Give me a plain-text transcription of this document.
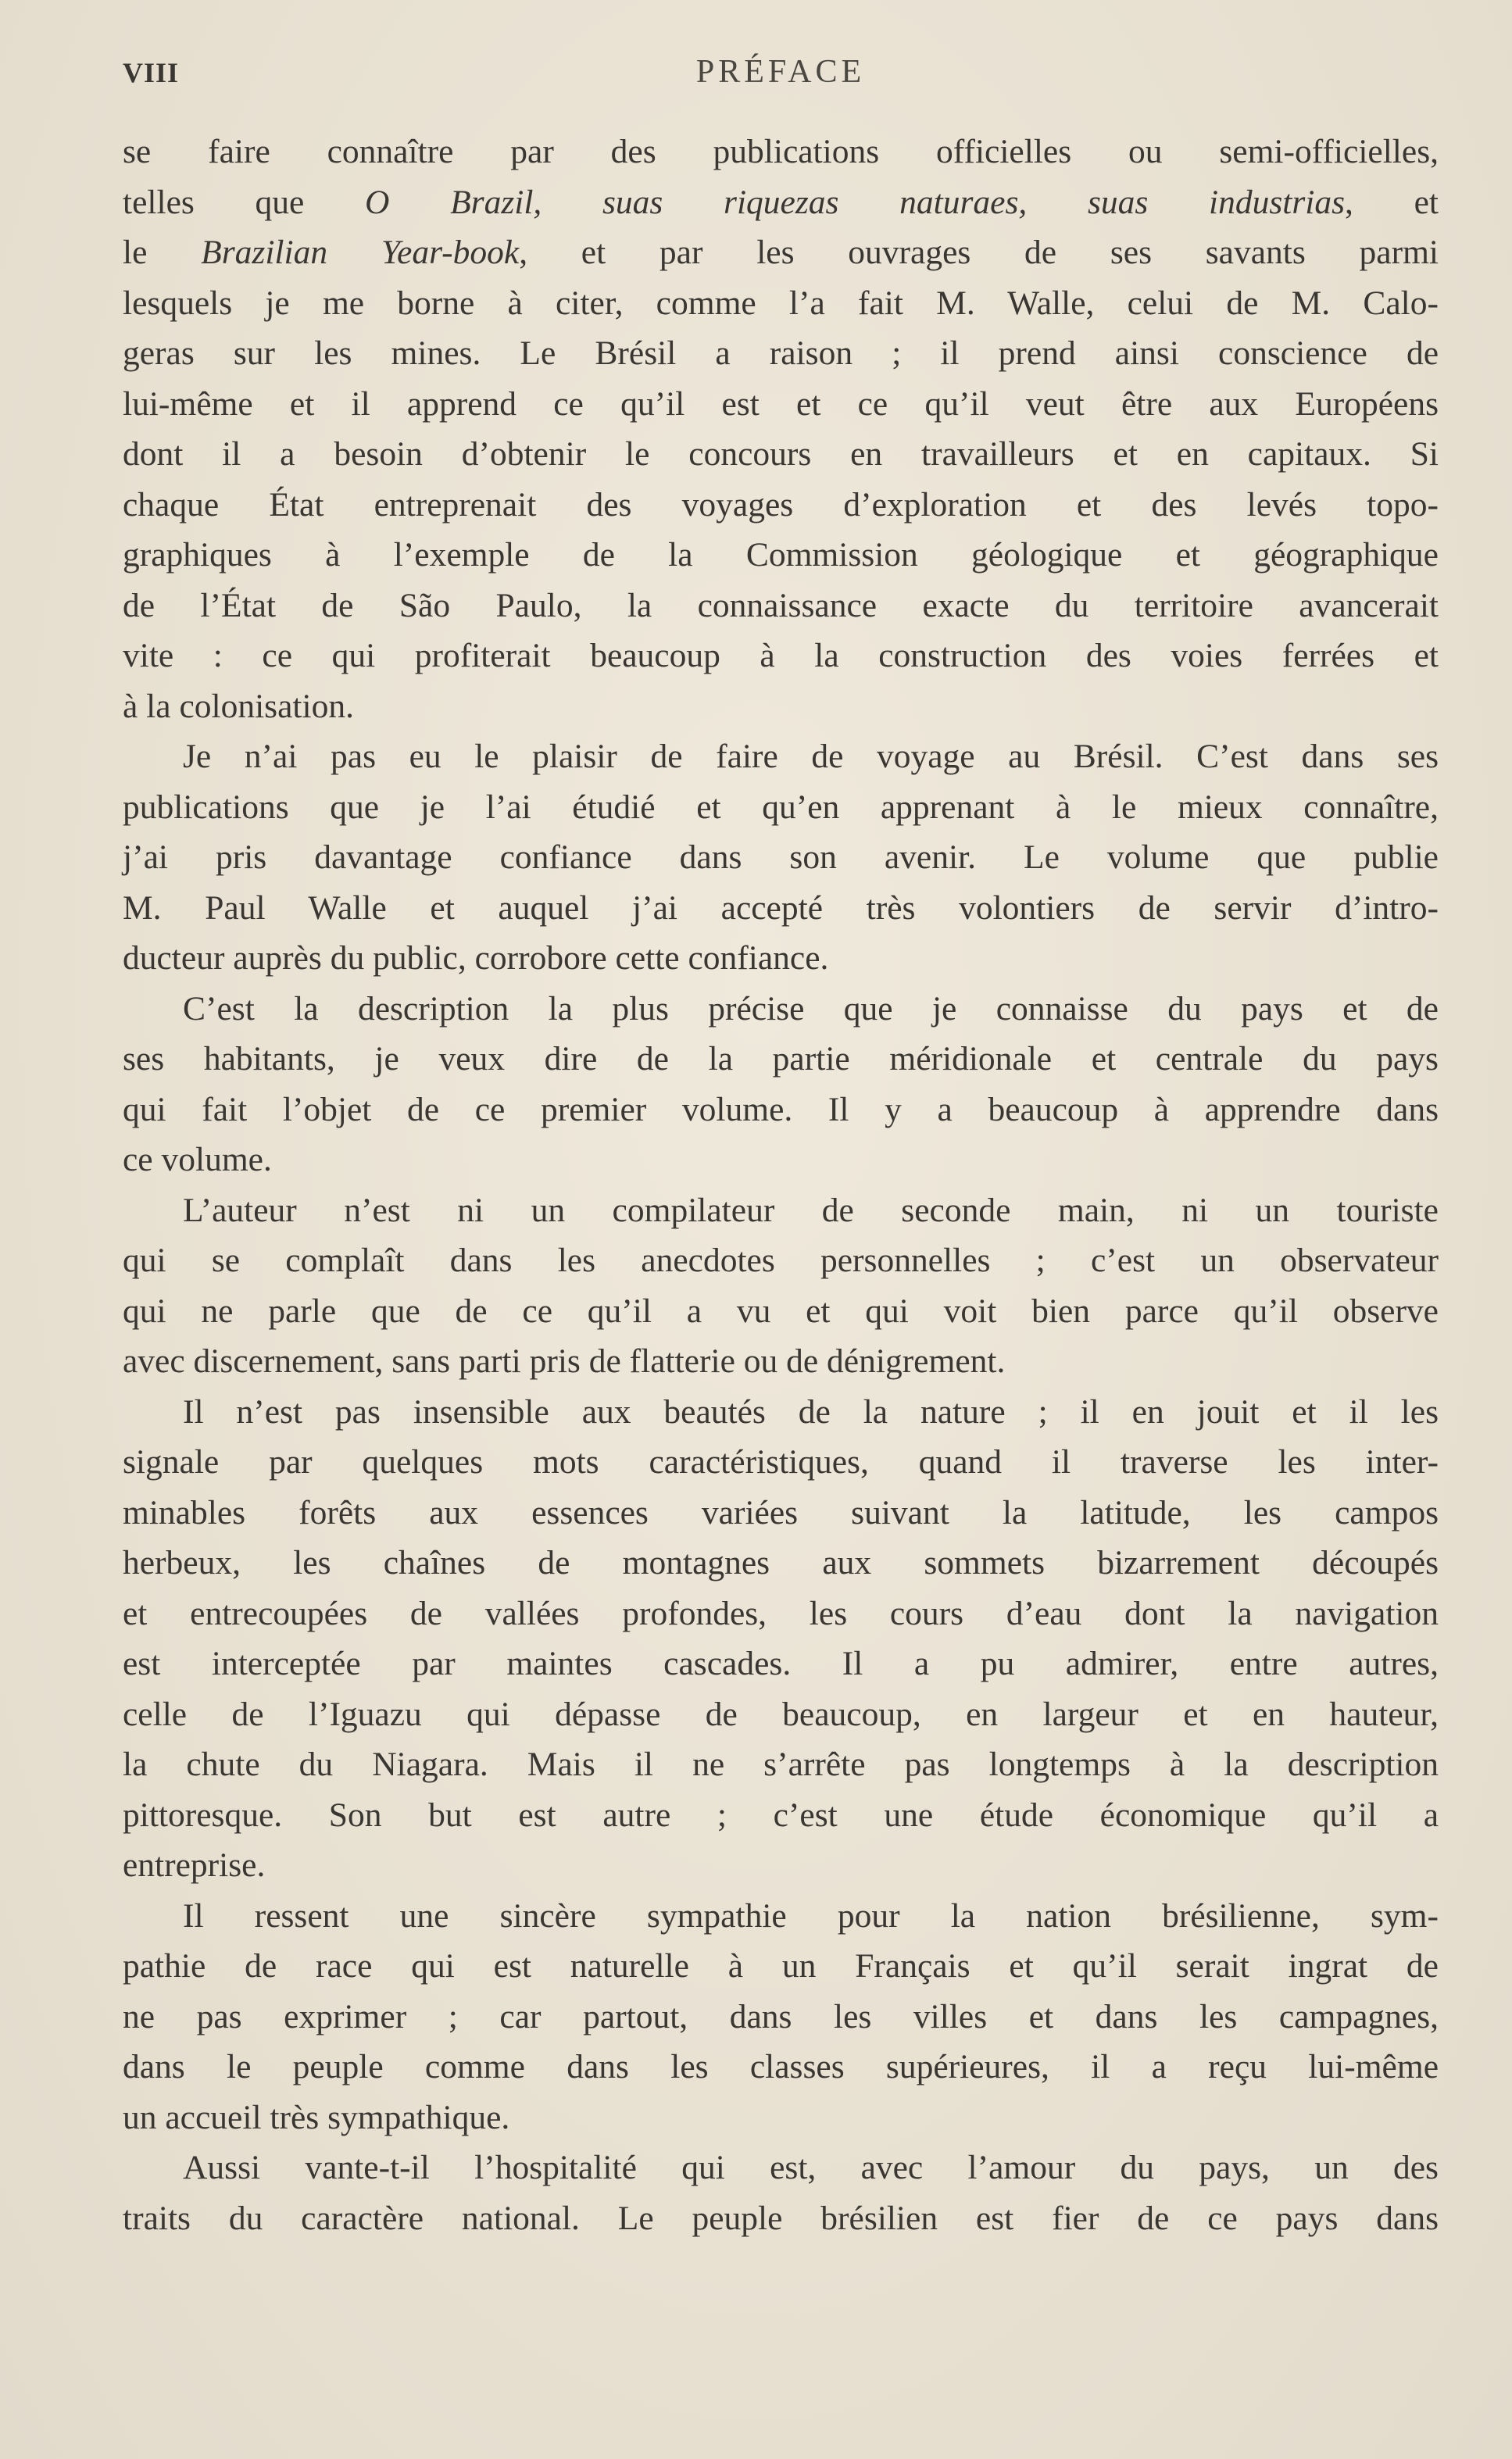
VIII	PRÉFACE
se faire connaître par des publications officielles ou semi-officielles,
telles que O Brazil, suas riquezas naturaes, suas industrias, et
le Brazilian Year-book, et par les ouvrages de ses savants parmi
lesquels je me borne à citer, comme l’a fait M. Walle, celui de M. Calo-
geras sur les mines. Le Brésil a raison ; il prend ainsi conscience de
lui-même et il apprend ce qu’il est et ce qu’il veut être aux Européens
dont il a besoin d’obtenir le concours en travailleurs et en capitaux. Si
chaque État entreprenait des voyages d’exploration et des levés topo-
graphiques à l’exemple de la Commission géologique et géographique
de l’État de São Paulo, la connaissance exacte du territoire avancerait
vite : ce qui profiterait beaucoup à la construction des voies ferrées et
à la colonisation.
Je n’ai pas eu le plaisir de faire de voyage au Brésil. C’est dans ses
publications que je l’ai étudié et qu’en apprenant à le mieux connaître,
j’ai pris davantage confiance dans son avenir. Le volume que publie
M. Paul Walle et auquel j’ai accepté très volontiers de servir d’intro-
ducteur auprès du public, corrobore cette confiance.
C’est la description la plus précise que je connaisse du pays et de
ses habitants, je veux dire de la partie méridionale et centrale du pays
qui fait l’objet de ce premier volume. Il y a beaucoup à apprendre dans
ce volume.
L’auteur n’est ni un compilateur de seconde main, ni un touriste
qui se complaît dans les anecdotes personnelles ; c’est un observateur
qui ne parle que de ce qu’il a vu et qui voit bien parce qu’il observe
avec discernement, sans parti pris de flatterie ou de dénigrement.
Il n’est pas insensible aux beautés de la nature ; il en jouit et il les
signale par quelques mots caractéristiques, quand il traverse les inter-
minables forêts aux essences variées suivant la latitude, les campos
herbeux, les chaînes de montagnes aux sommets bizarrement découpés
et entrecoupées de vallées profondes, les cours d’eau dont la navigation
est interceptée par maintes cascades. Il a pu admirer, entre autres,
celle de l’Iguazu qui dépasse de beaucoup, en largeur et en hauteur,
la chute du Niagara. Mais il ne s’arrête pas longtemps à la description
pittoresque. Son but est autre ; c’est une étude économique qu’il a
entreprise.
Il ressent une sincère sympathie pour la nation brésilienne, sym-
pathie de race qui est naturelle à un Français et qu’il serait ingrat de
ne pas exprimer ; car partout, dans les villes et dans les campagnes,
dans le peuple comme dans les classes supérieures, il a reçu lui-même
un accueil très sympathique.
Aussi vante-t-il l’hospitalité qui est, avec l’amour du pays, un des
traits du caractère national. Le peuple brésilien est fier de ce pays dans
